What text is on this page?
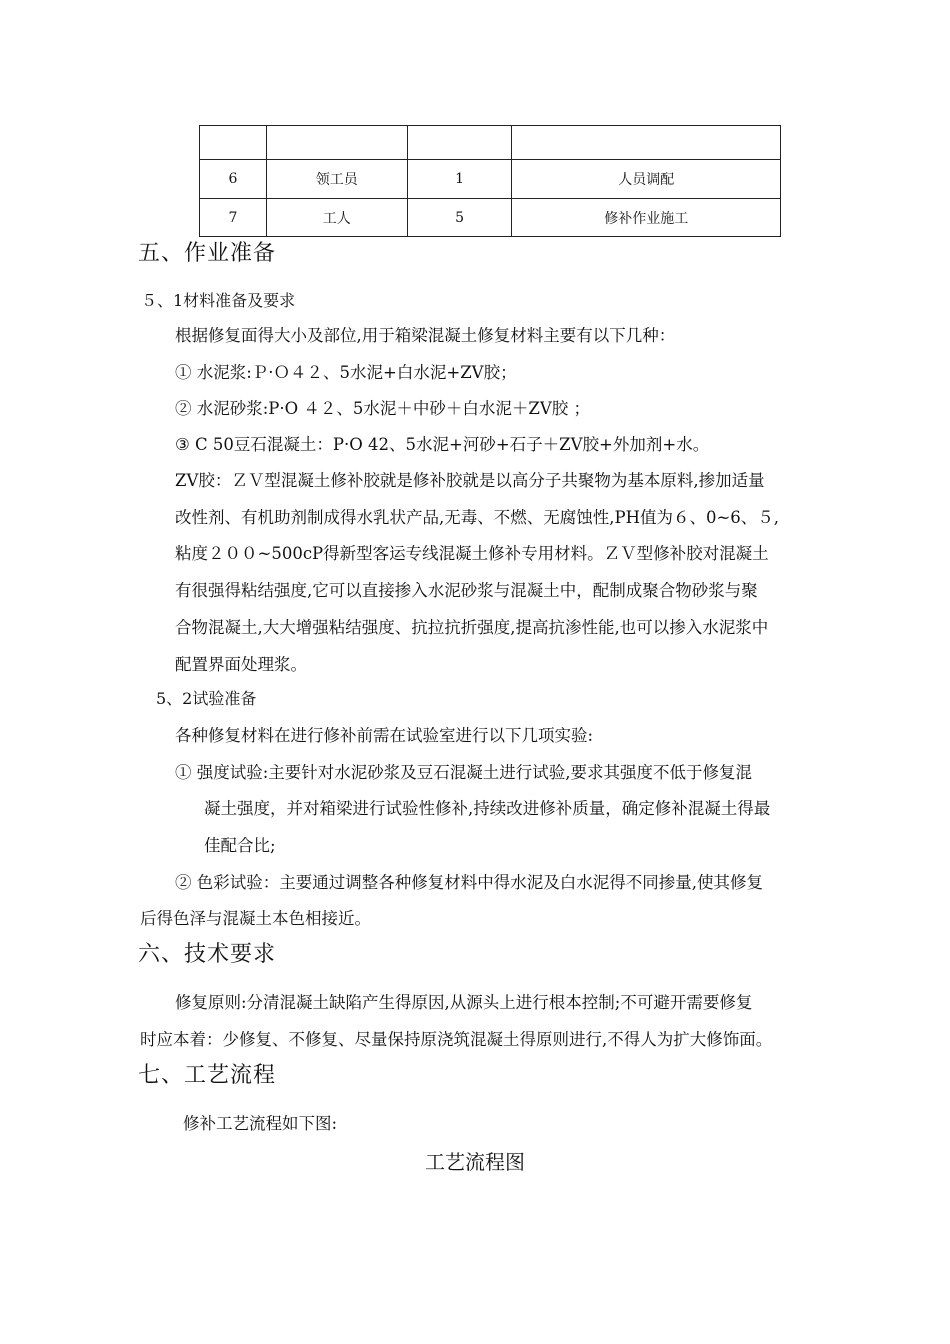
6	领工员	1	人员调配
7	工人	5	修补作业施工
五、作业准备
５、1材料准备及要求
根据修复面得大小及部位,用于箱梁混凝土修复材料主要有以下几种：
① 水泥浆:Ｐ·Ｏ４２、5水泥+白水泥+ZV胶；
② 水泥砂浆:P·O ４２、5水泥＋中砂＋白水泥＋ZV胶 ；
③ C 50豆石混凝土：P·O 42、5水泥+河砂+石子＋ZV胶+外加剂+水。
ZV胶：ＺＶ型混凝土修补胶就是修补胶就是以高分子共聚物为基本原料,掺加适量
改性剂、有机助剂制成得水乳状产品,无毒、不燃、无腐蚀性,PH值为６、0~6、５,
粘度２００~500cP得新型客运专线混凝土修补专用材料。ＺＶ型修补胶对混凝土
有很强得粘结强度,它可以直接掺入水泥砂浆与混凝土中，配制成聚合物砂浆与聚
合物混凝土,大大增强粘结强度、抗拉抗折强度,提高抗渗性能,也可以掺入水泥浆中
配置界面处理浆。
5、2试验准备
各种修复材料在进行修补前需在试验室进行以下几项实验:
① 强度试验:主要针对水泥砂浆及豆石混凝土进行试验,要求其强度不低于修复混
凝土强度，并对箱梁进行试验性修补,持续改进修补质量，确定修补混凝土得最
佳配合比;
② 色彩试验：主要通过调整各种修复材料中得水泥及白水泥得不同掺量,使其修复
后得色泽与混凝土本色相接近。
六、技术要求
修复原则:分清混凝土缺陷产生得原因,从源头上进行根本控制;不可避开需要修复
时应本着：少修复、不修复、尽量保持原浇筑混凝土得原则进行,不得人为扩大修饰面。
七、工艺流程
修补工艺流程如下图:
工艺流程图
